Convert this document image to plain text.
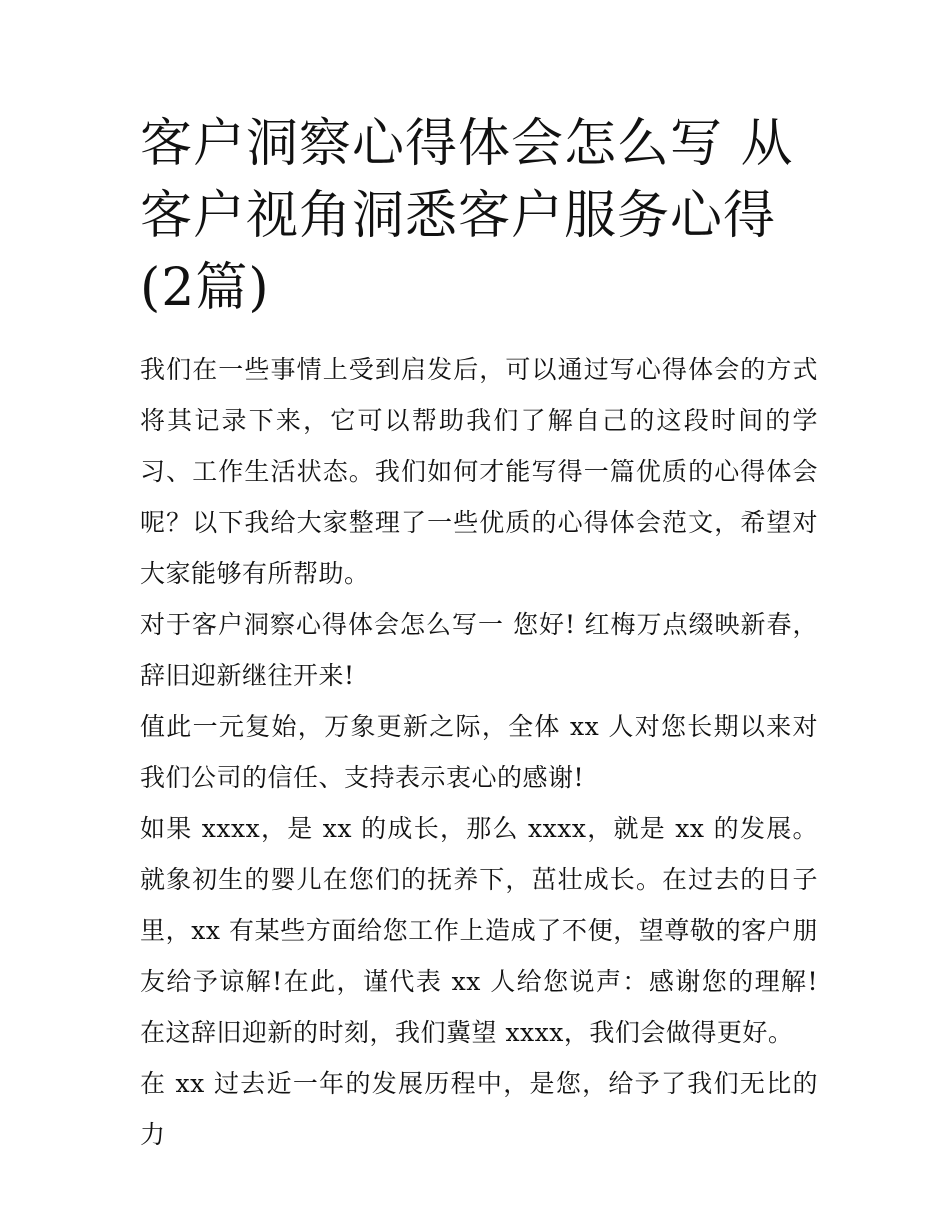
客户洞察心得体会怎么写 从客户视角洞悉客户服务心得(2篇)

我们在一些事情上受到启发后，可以通过写心得体会的方式将其记录下来，它可以帮助我们了解自己的这段时间的学习、工作生活状态。我们如何才能写得一篇优质的心得体会呢？以下我给大家整理了一些优质的心得体会范文，希望对大家能够有所帮助。

对于客户洞察心得体会怎么写一 您好! 红梅万点缀映新春，辞旧迎新继往开来!

值此一元复始，万象更新之际，全体 xx 人对您长期以来对我们公司的信任、支持表示衷心的感谢!

如果 xxxx，是 xx 的成长，那么 xxxx，就是 xx 的发展。就象初生的婴儿在您们的抚养下，茁壮成长。在过去的日子里，xx 有某些方面给您工作上造成了不便，望尊敬的客户朋友给予谅解!在此，谨代表 xx 人给您说声：感谢您的理解!在这辞旧迎新的时刻，我们冀望 xxxx，我们会做得更好。

在 xx 过去近一年的发展历程中，是您，给予了我们无比的力
